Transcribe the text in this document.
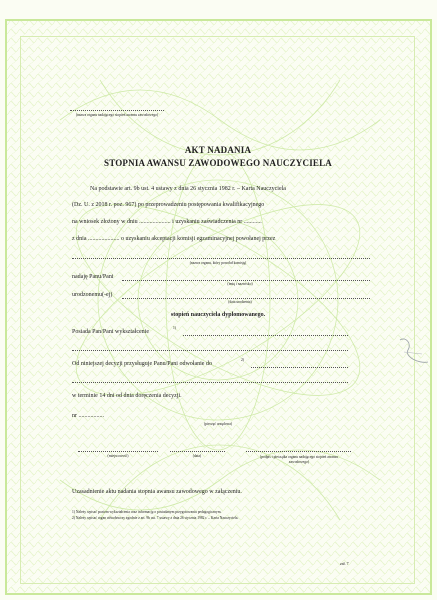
(nazwa organu nadającego stopień awansu zawodowego)
AKT NADANIA
STOPNIA AWANSU ZAWODOWEGO NAUCZYCIELA
Na podstawie art. 9b ust. 4 ustawy z dnia 26 stycznia 1982 r. – Karta Nauczyciela
(Dz. U. z 2018 r. poz. 967) po przeprowadzeniu postępowania kwalifikacyjnego
na wniosek złożony w dniu ..................... i uzyskaniu zaświadczenia nr ............
z dnia ..................... o uzyskaniu akceptacji komisji egzaminacyjnej powołanej przez
(nazwa organu, który powołał komisję)
nadaję Panu/Pani
(imię i nazwisko)
urodzonemu(-ej)
(data urodzenia)
stopień nauczyciela dyplomowanego.
Posiada Pan/Pani wykształcenie
1)
Od niniejszej decyzji przysługuje Panu/Pani odwołanie do
2)
w terminie 14 dni od dnia doręczenia decyzji.
nr .................
(pieczęć urzędowa)
(miejscowość)	(data)	(podpis i pieczątka organu nadającego stopień awansu zawodowego)
Uzasadnienie aktu nadania stopnia awansu zawodowego w załączeniu.
1) Należy wpisać poziom wykształcenia oraz informację o posiadanym przygotowaniu pedagogicznym.
2) Należy wpisać organ odwoławczy zgodnie z art. 9b ust. 7 ustawy z dnia 26 stycznia 1982 r. – Karta Nauczyciela.
zał. 7
